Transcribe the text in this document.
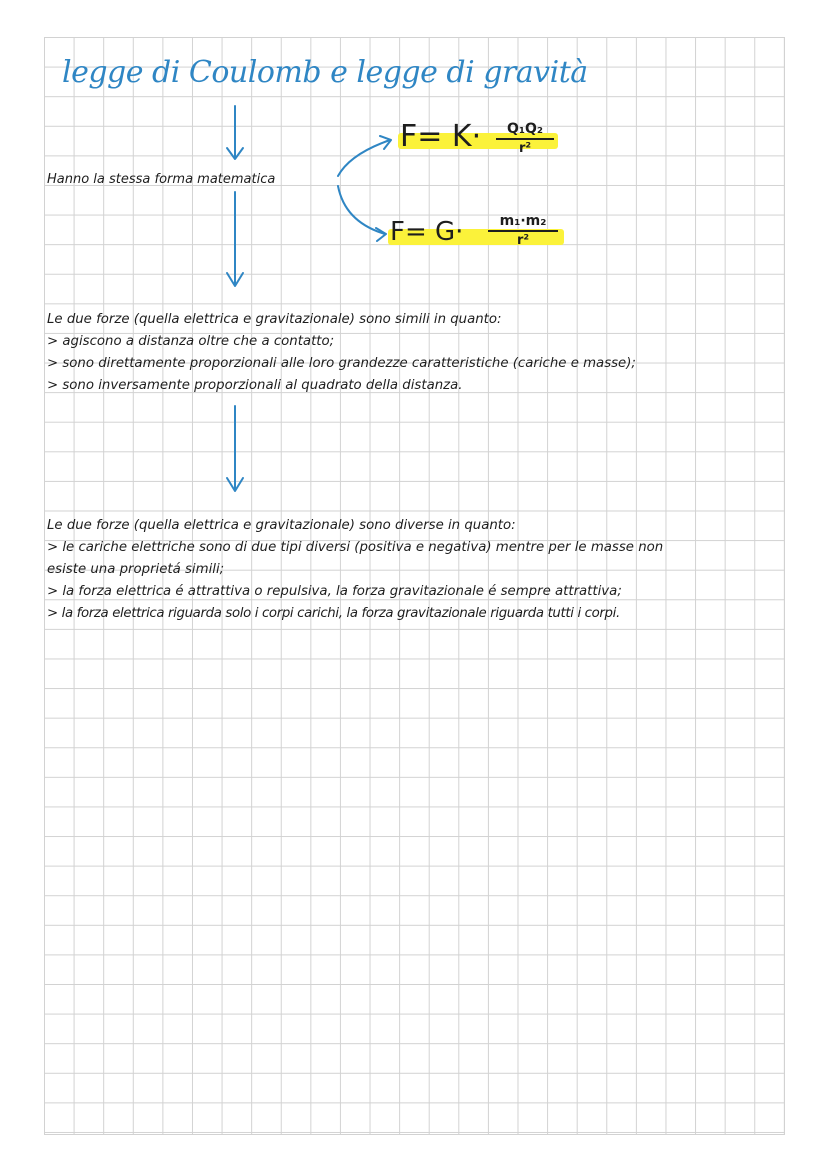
legge di Coulomb e legge di gravità

Hanno la stessa forma matematica

F= K·	Q₁Q₂
r²
F= G·	m₁·m₂
r²
Le due forze (quella elettrica e gravitazionale) sono simili in quanto:
> agiscono a distanza oltre che a contatto;
> sono direttamente proporzionali alle loro grandezze caratteristiche (cariche e masse);
> sono inversamente proporzionali al quadrato della distanza.
Le due forze (quella elettrica e gravitazionale) sono diverse in quanto:
> le cariche elettriche sono di due tipi diversi (positiva e negativa) mentre per le masse non
esiste una proprietá simili;
> la forza elettrica é attrattiva o repulsiva, la forza gravitazionale é sempre attrattiva;
> la forza elettrica riguarda solo i corpi carichi, la forza gravitazionale riguarda tutti i corpi.
